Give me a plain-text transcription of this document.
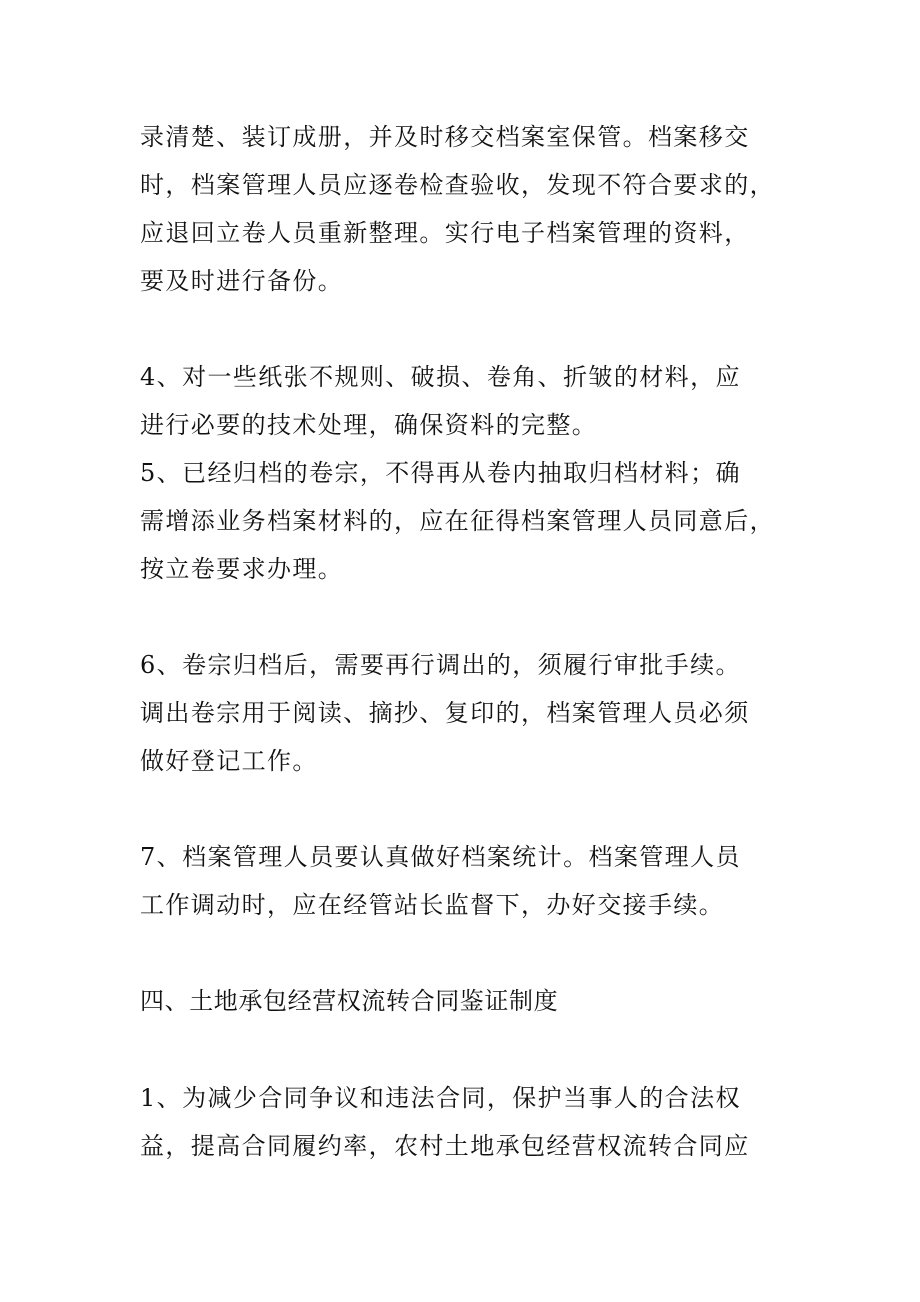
录清楚、装订成册，并及时移交档案室保管。档案移交
时，档案管理人员应逐卷检查验收，发现不符合要求的，
应退回立卷人员重新整理。实行电子档案管理的资料，
要及时进行备份。
4、对一些纸张不规则、破损、卷角、折皱的材料，应
进行必要的技术处理，确保资料的完整。
5、已经归档的卷宗，不得再从卷内抽取归档材料；确
需增添业务档案材料的，应在征得档案管理人员同意后，
按立卷要求办理。
6、卷宗归档后，需要再行调出的，须履行审批手续。
调出卷宗用于阅读、摘抄、复印的，档案管理人员必须
做好登记工作。
7、档案管理人员要认真做好档案统计。档案管理人员
工作调动时，应在经管站长监督下，办好交接手续。
四、土地承包经营权流转合同鉴证制度
1、为减少合同争议和违法合同，保护当事人的合法权
益，提高合同履约率，农村土地承包经营权流转合同应
